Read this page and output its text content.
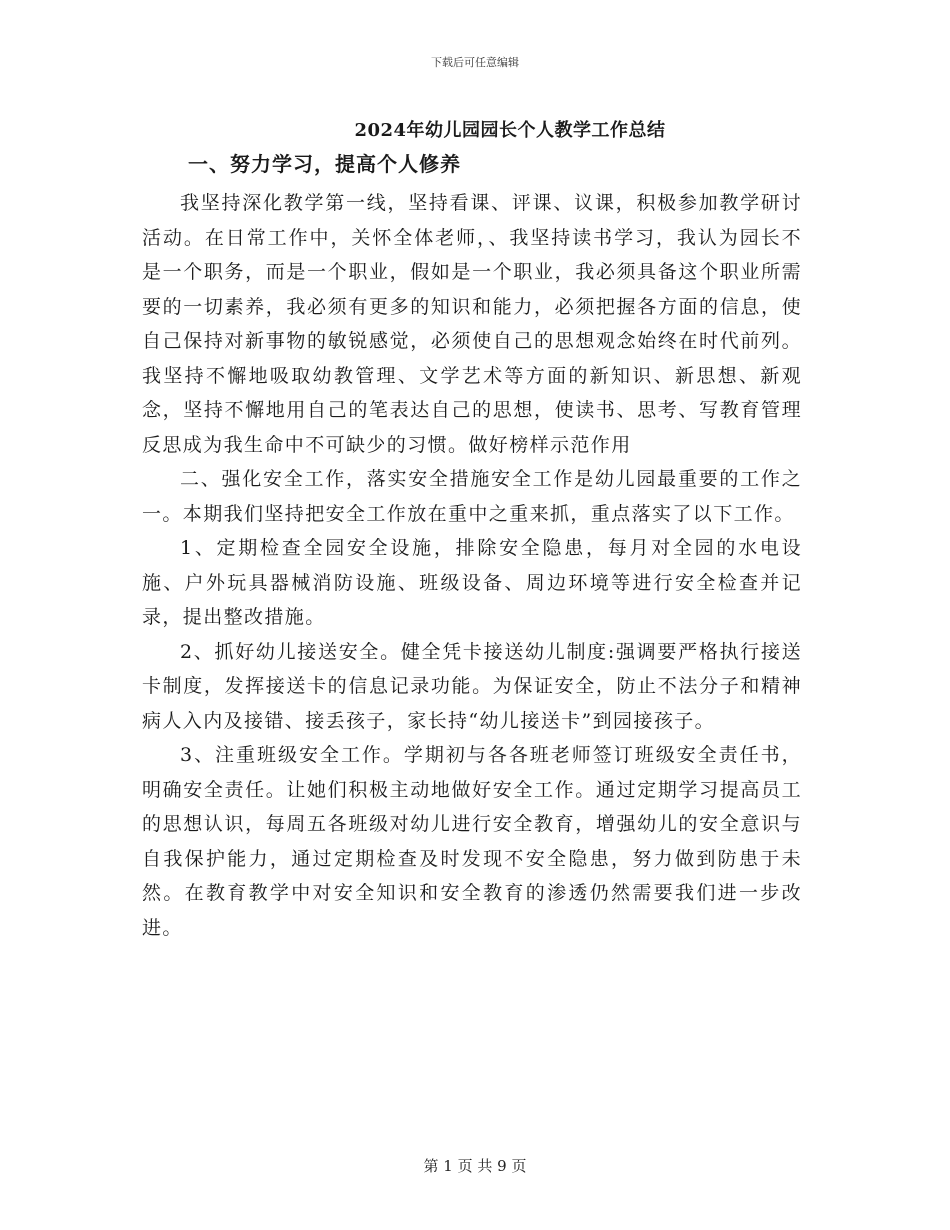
下载后可任意编辑
2024年幼儿园园长个人教学工作总结
一、努力学习，提高个人修养

我坚持深化教学第一线，坚持看课、评课、议课，积极参加教学研讨活动。在日常工作中，关怀全体老师，、我坚持读书学习，我认为园长不是一个职务，而是一个职业，假如是一个职业，我必须具备这个职业所需要的一切素养，我必须有更多的知识和能力，必须把握各方面的信息，使自己保持对新事物的敏锐感觉，必须使自己的思想观念始终在时代前列。我坚持不懈地吸取幼教管理、文学艺术等方面的新知识、新思想、新观念，坚持不懈地用自己的笔表达自己的思想，使读书、思考、写教育管理反思成为我生命中不可缺少的习惯。做好榜样示范作用

二、强化安全工作，落实安全措施安全工作是幼儿园最重要的工作之一。本期我们坚持把安全工作放在重中之重来抓，重点落实了以下工作。

1、定期检查全园安全设施，排除安全隐患，每月对全园的水电设施、户外玩具器械消防设施、班级设备、周边环境等进行安全检查并记录，提出整改措施。

2、抓好幼儿接送安全。健全凭卡接送幼儿制度:强调要严格执行接送卡制度，发挥接送卡的信息记录功能。为保证安全，防止不法分子和精神病人入内及接错、接丢孩子，家长持“幼儿接送卡”到园接孩子。

3、注重班级安全工作。学期初与各各班老师签订班级安全责任书，明确安全责任。让她们积极主动地做好安全工作。通过定期学习提高员工的思想认识，每周五各班级对幼儿进行安全教育，增强幼儿的安全意识与自我保护能力，通过定期检查及时发现不安全隐患，努力做到防患于未然。在教育教学中对安全知识和安全教育的渗透仍然需要我们进一步改进。

第 1 页 共 9 页
